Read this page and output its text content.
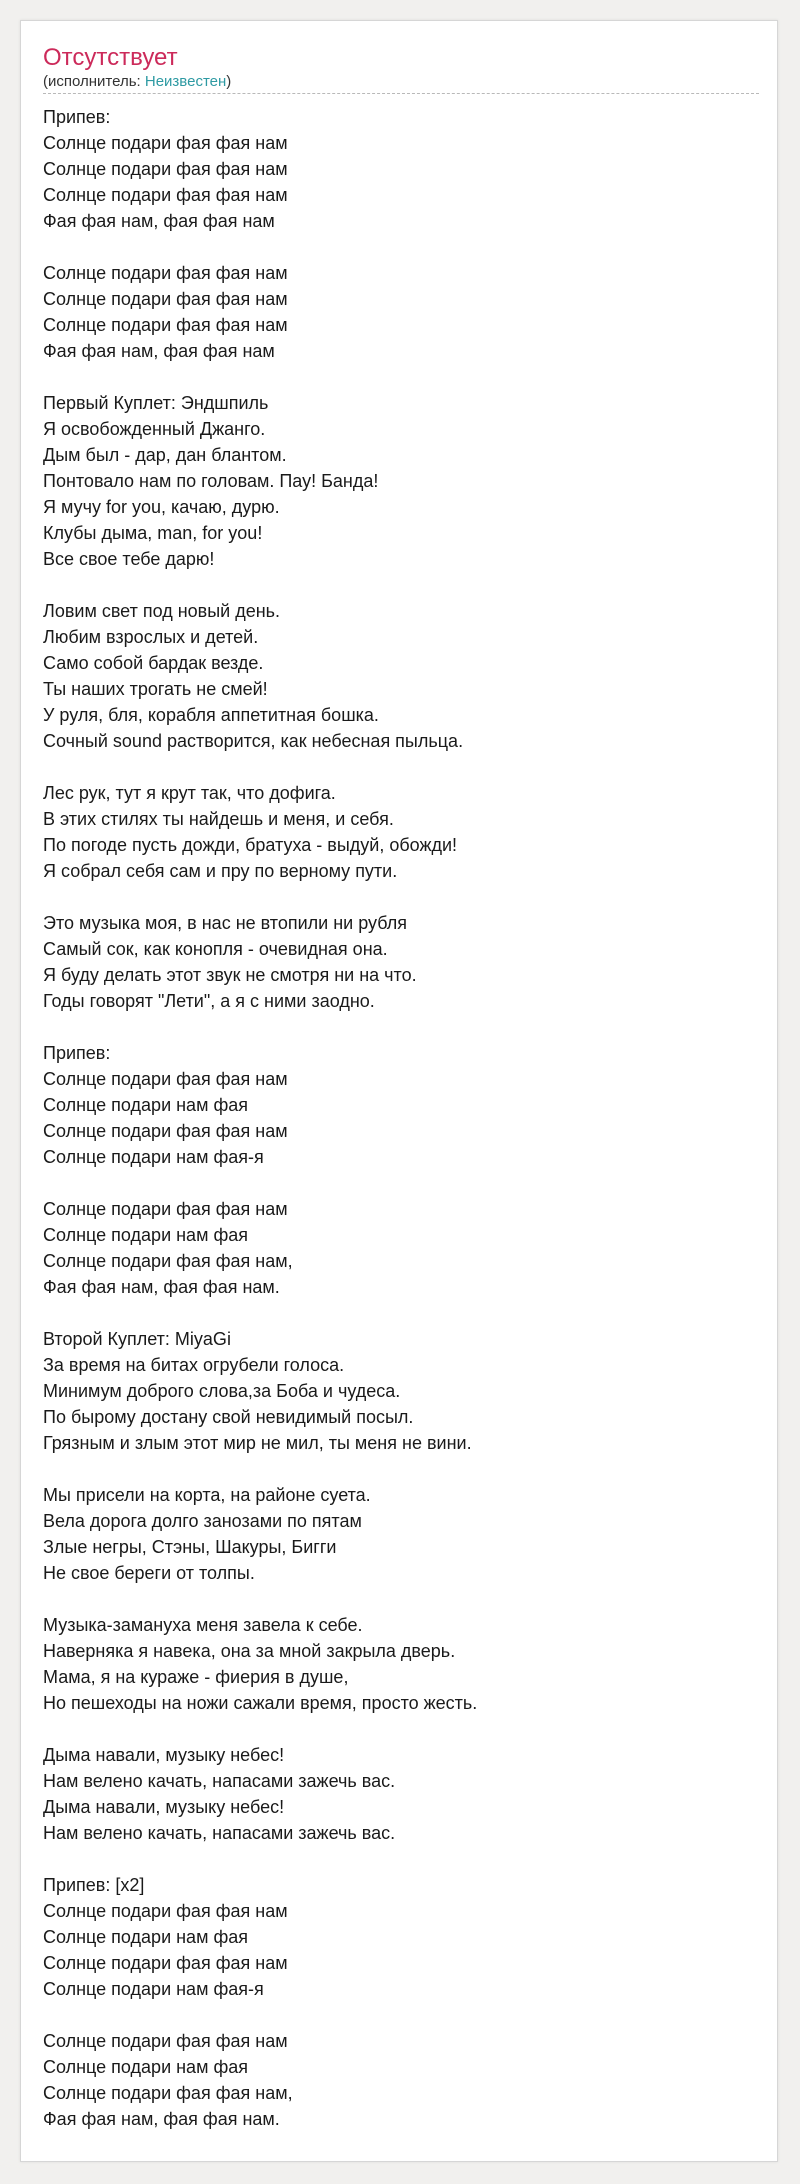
Отсутствует
(исполнитель: Неизвестен)
Припев:
Солнце подари фая фая нам
Солнце подари фая фая нам
Солнце подари фая фая нам
Фая фая нам, фая фая нам
Солнце подари фая фая нам
Солнце подари фая фая нам
Солнце подари фая фая нам
Фая фая нам, фая фая нам
Первый Куплет: Эндшпиль
Я освобожденный Джанго.
Дым был - дар, дан блантом.
Понтовало нам по головам. Пау! Банда!
Я мучу for you, качаю, дурю.
Клубы дыма, man, for you!
Все свое тебе дарю!
Ловим свет под новый день.
Любим взрослых и детей.
Само собой бардак везде.
Ты наших трогать не смей!
У руля, бля, корабля аппетитная бошка.
Сочный sound растворится, как небесная пыльца.
Лес рук, тут я крут так, что дофига.
В этих стилях ты найдешь и меня, и себя.
По погоде пусть дожди, братуха - выдуй, обожди!
Я собрал себя сам и пру по верному пути.
Это музыка моя, в нас не втопили ни рубля
Самый сок, как конопля - очевидная она.
Я буду делать этот звук не смотря ни на что.
Годы говорят "Лети", а я с ними заодно.
Припев:
Солнце подари фая фая нам
Солнце подари нам фая
Солнце подари фая фая нам
Солнце подари нам фая-я
Солнце подари фая фая нам
Солнце подари нам фая
Солнце подари фая фая нам,
Фая фая нам, фая фая нам.
Второй Куплет: MiyaGi
За время на битах огрубели голоса.
Минимум доброго слова,за Боба и чудеса.
По бырому достану свой невидимый посыл.
Грязным и злым этот мир не мил, ты меня не вини.
Мы присели на корта, на районе суета.
Вела дорога долго занозами по пятам
Злые негры, Стэны, Шакуры, Бигги
Не свое береги от толпы.
Музыка-замануха меня завела к себе.
Наверняка я навека, она за мной закрыла дверь.
Мама, я на кураже - фиерия в душе,
Но пешеходы на ножи сажали время, просто жесть.
Дыма навали, музыку небес!
Нам велено качать, напасами зажечь вас.
Дыма навали, музыку небес!
Нам велено качать, напасами зажечь вас.
Припев: [x2]
Солнце подари фая фая нам
Солнце подари нам фая
Солнце подари фая фая нам
Солнце подари нам фая-я
Солнце подари фая фая нам
Солнце подари нам фая
Солнце подари фая фая нам,
Фая фая нам, фая фая нам.
